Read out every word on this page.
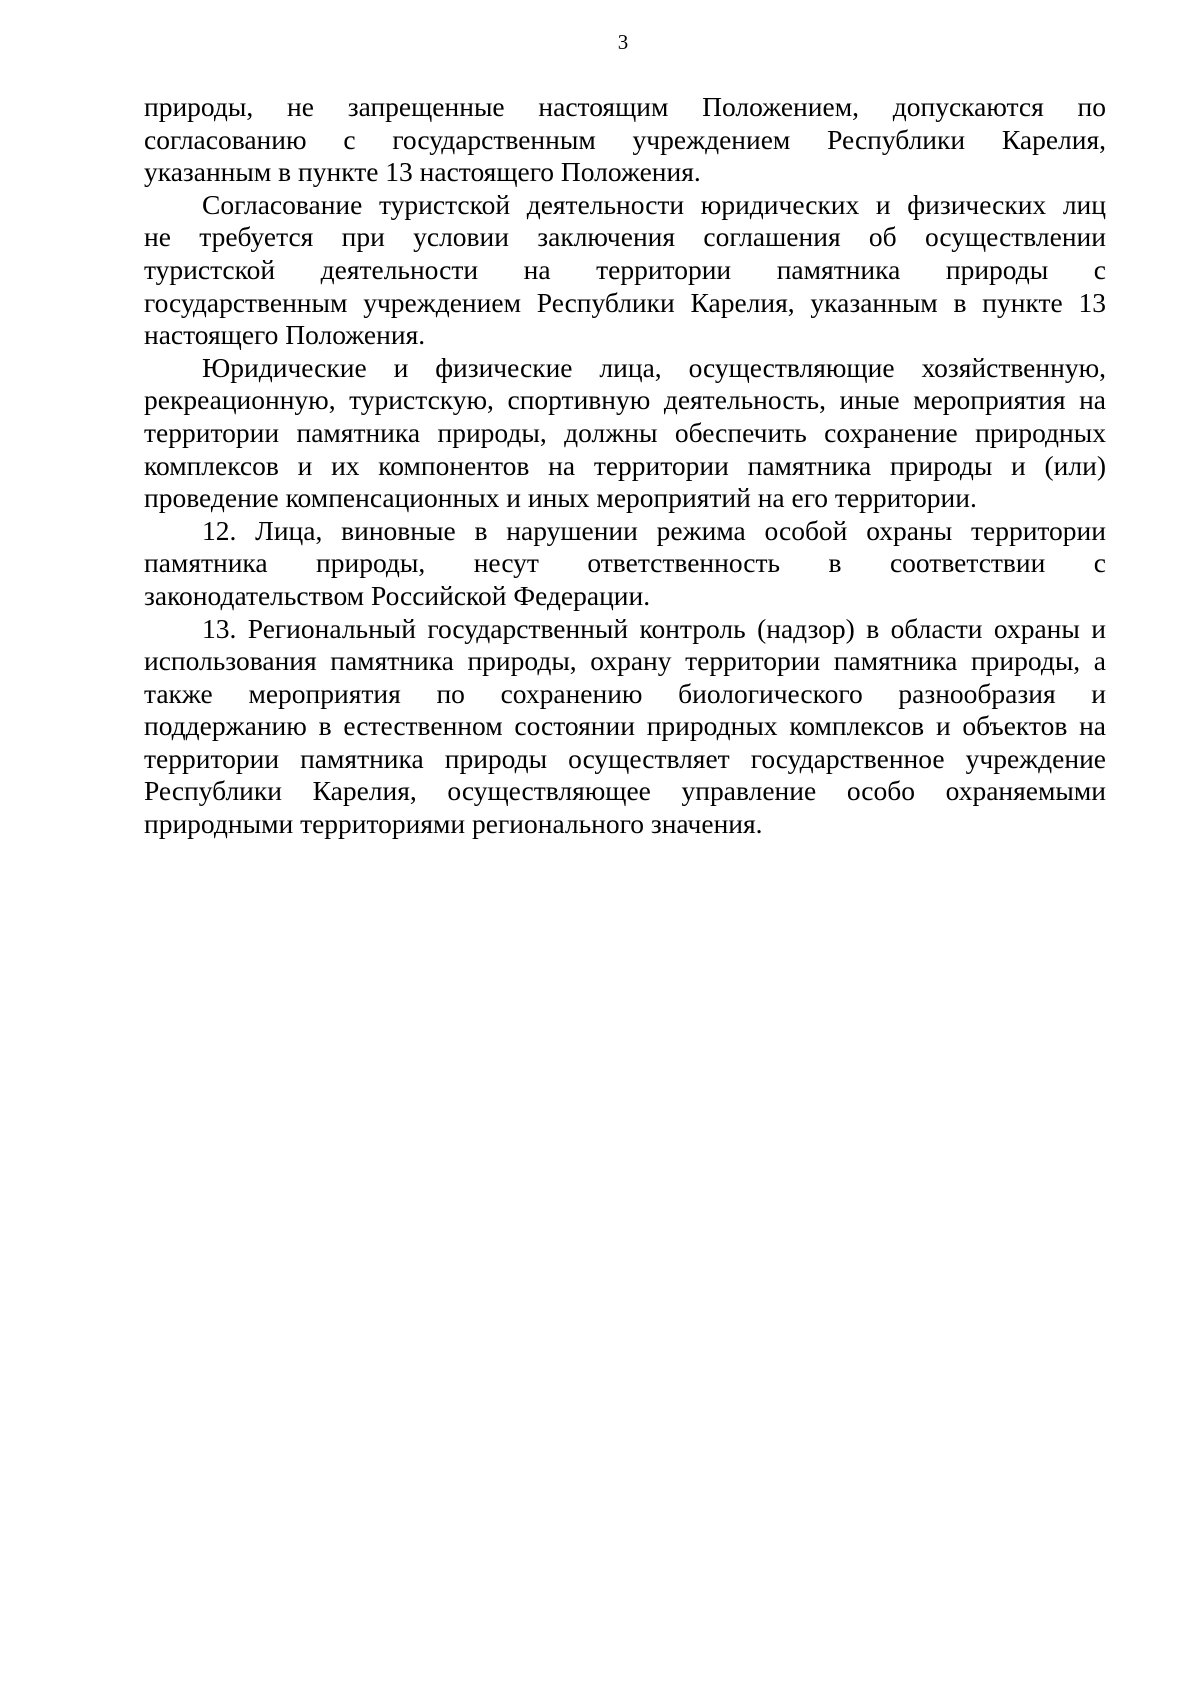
3
природы, не запрещенные настоящим Положением, допускаются по
согласованию с государственным учреждением Республики Карелия,
указанным в пункте 13 настоящего Положения.
Согласование туристской деятельности юридических и физических лиц
не требуется при условии заключения соглашения об осуществлении
туристской деятельности на территории памятника природы с
государственным учреждением Республики Карелия, указанным в пункте 13
настоящего Положения.
Юридические и физические лица, осуществляющие хозяйственную,
рекреационную, туристскую, спортивную деятельность, иные мероприятия на
территории памятника природы, должны обеспечить сохранение природных
комплексов и их компонентов на территории памятника природы и (или)
проведение компенсационных и иных мероприятий на его территории.
12. Лица, виновные в нарушении режима особой охраны территории
памятника природы, несут ответственность в соответствии с
законодательством Российской Федерации.
13. Региональный государственный контроль (надзор) в области охраны и
использования памятника природы, охрану территории памятника природы, а
также мероприятия по сохранению биологического разнообразия и
поддержанию в естественном состоянии природных комплексов и объектов на
территории памятника природы осуществляет государственное учреждение
Республики Карелия, осуществляющее управление особо охраняемыми
природными территориями регионального значения.
